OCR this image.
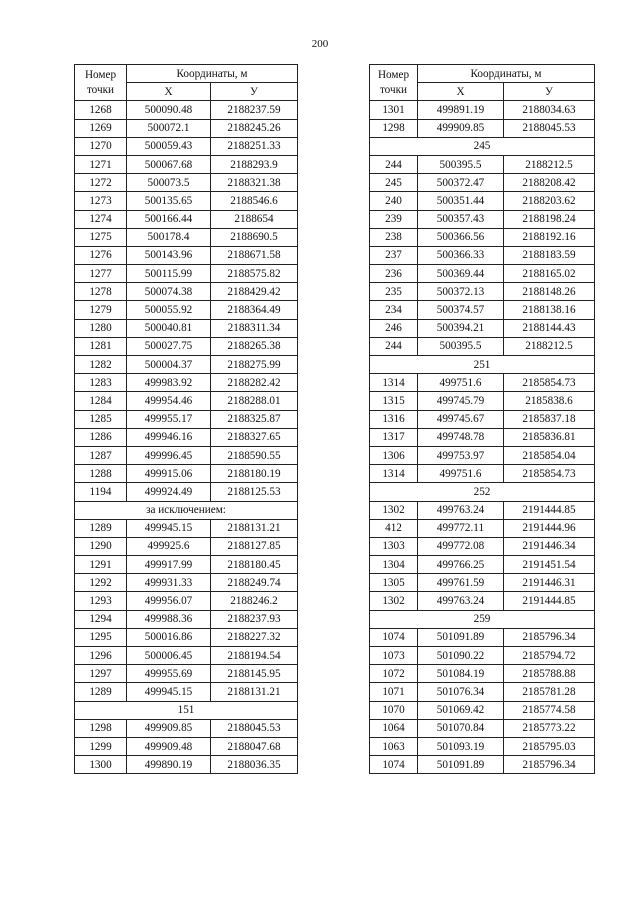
200
Номер
точки	Координаты, м	
	Х	У
1268	500090.48	2188237.59
1269	500072.1	2188245.26
1270	500059.43	2188251.33
1271	500067.68	2188293.9
1272	500073.5	2188321.38
1273	500135.65	2188546.6
1274	500166.44	2188654
1275	500178.4	2188690.5
1276	500143.96	2188671.58
1277	500115.99	2188575.82
1278	500074.38	2188429.42
1279	500055.92	2188364.49
1280	500040.81	2188311.34
1281	500027.75	2188265.38
1282	500004.37	2188275.99
1283	499983.92	2188282.42
1284	499954.46	2188288.01
1285	499955.17	2188325.87
1286	499946.16	2188327.65
1287	499996.45	2188590.55
1288	499915.06	2188180.19
1194	499924.49	2188125.53
за исключением:		
1289	499945.15	2188131.21
1290	499925.6	2188127.85
1291	499917.99	2188180.45
1292	499931.33	2188249.74
1293	499956.07	2188246.2
1294	499988.36	2188237.93
1295	500016.86	2188227.32
1296	500006.45	2188194.54
1297	499955.69	2188145.95
1289	499945.15	2188131.21
151		
1298	499909.85	2188045.53
1299	499909.48	2188047.68
1300	499890.19	2188036.35
Номер
точки	Координаты, м	
	Х	У
1301	499891.19	2188034.63
1298	499909.85	2188045.53
245		
244	500395.5	2188212.5
245	500372.47	2188208.42
240	500351.44	2188203.62
239	500357.43	2188198.24
238	500366.56	2188192.16
237	500366.33	2188183.59
236	500369.44	2188165.02
235	500372.13	2188148.26
234	500374.57	2188138.16
246	500394.21	2188144.43
244	500395.5	2188212.5
251		
1314	499751.6	2185854.73
1315	499745.79	2185838.6
1316	499745.67	2185837.18
1317	499748.78	2185836.81
1306	499753.97	2185854.04
1314	499751.6	2185854.73
252		
1302	499763.24	2191444.85
412	499772.11	2191444.96
1303	499772.08	2191446.34
1304	499766.25	2191451.54
1305	499761.59	2191446.31
1302	499763.24	2191444.85
259		
1074	501091.89	2185796.34
1073	501090.22	2185794.72
1072	501084.19	2185788.88
1071	501076.34	2185781.28
1070	501069.42	2185774.58
1064	501070.84	2185773.22
1063	501093.19	2185795.03
1074	501091.89	2185796.34
